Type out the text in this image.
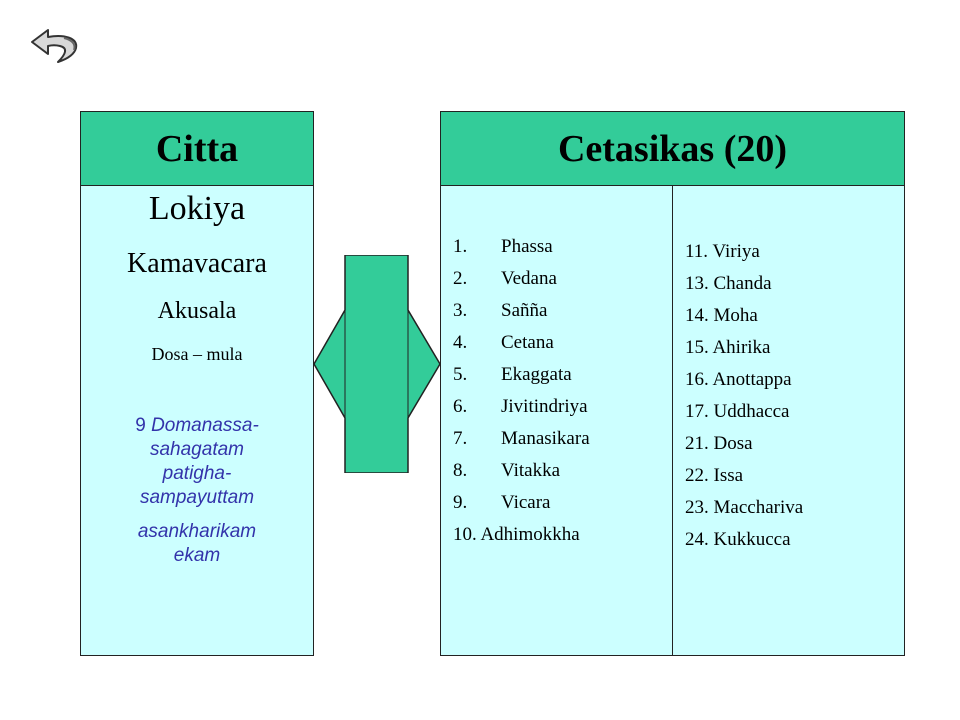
Citta
Lokiya
Kamavacara
Akusala
Dosa – mula
9 Domanassa-
sahagatam
patigha-
sampayuttam
asankharikam
ekam
Cetasikas (20)
1. Phassa
2. Vedana
3. Sañña
4. Cetana
5. Ekaggata
6. Jivitindriya
7. Manasikara
8. Vitakka
9. Vicara
10. Adhimokkha
11. Viriya
13. Chanda
14. Moha
15. Ahirika
16. Anottappa
17. Uddhacca
21. Dosa
22. Issa
23. Macchariva
24. Kukkucca
